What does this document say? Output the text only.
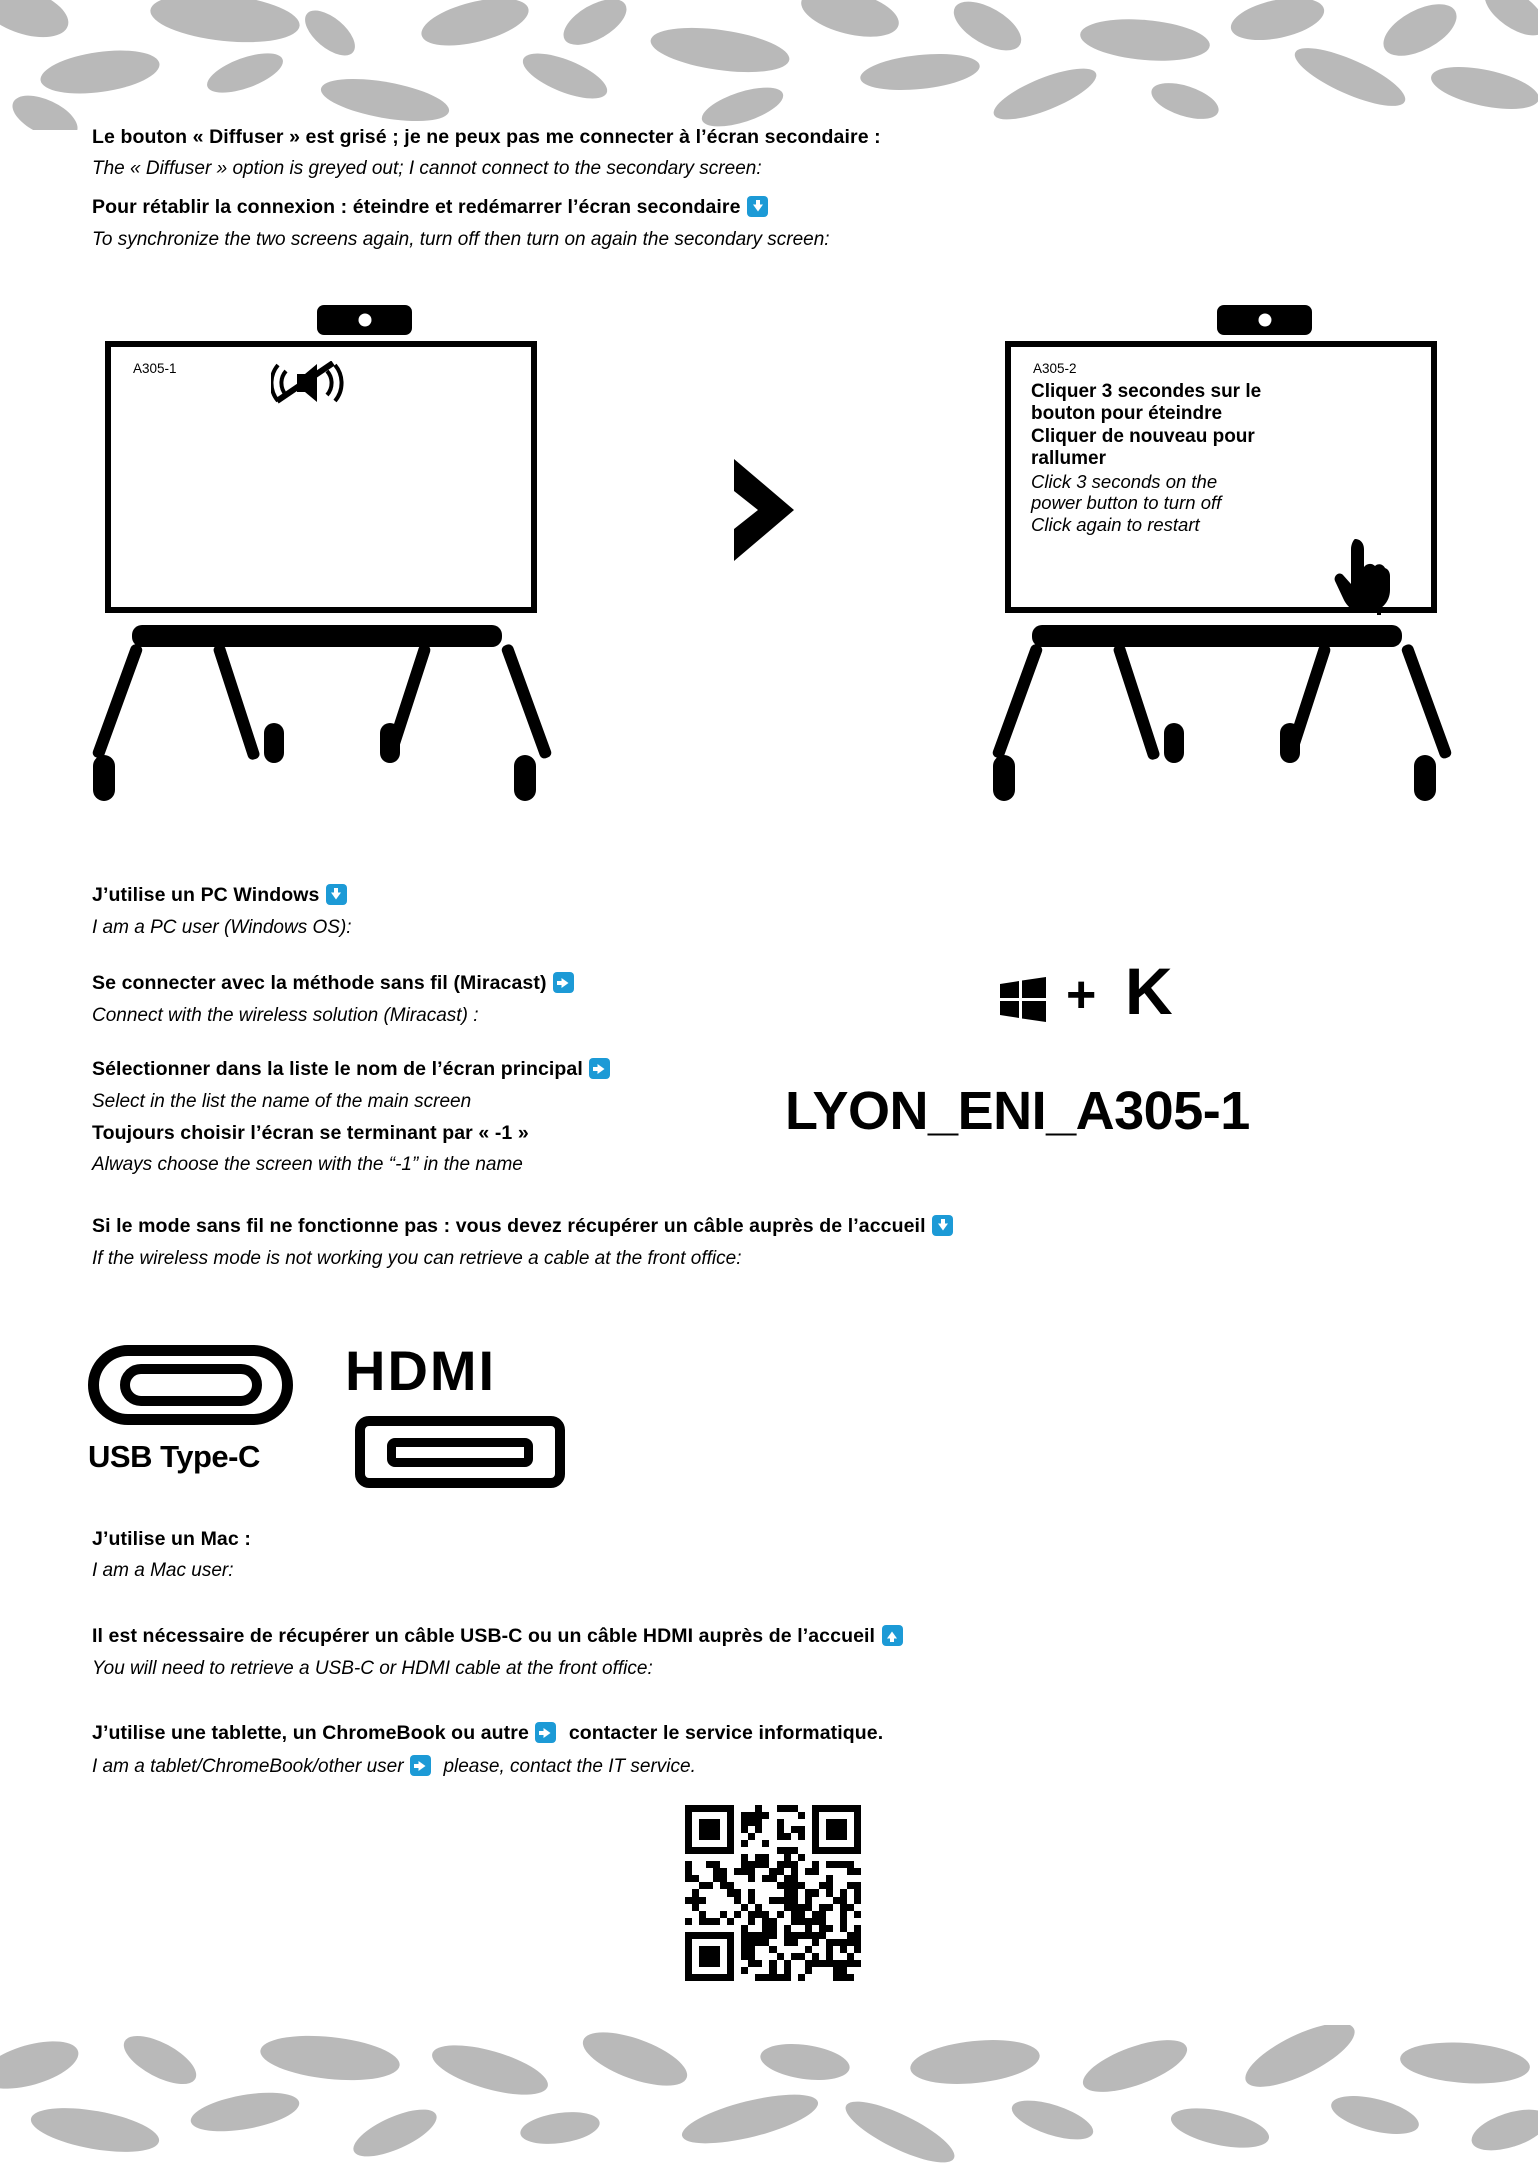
Le bouton « Diffuser » est grisé ; je ne peux pas me connecter à l’écran secondaire :
The « Diffuser » option is greyed out; I cannot connect to the secondary screen:
Pour rétablir la connexion : éteindre et redémarrer l’écran secondaire
To synchronize the two screens again, turn off then turn on again the secondary screen:
A305-1	A305-2
Cliquer 3 secondes sur le
bouton pour éteindre
Cliquer de nouveau pour
rallumer
Click 3 seconds on the
power button to turn off
Click again to restart
J’utilise un PC Windows
I am a PC user (Windows OS):
Se connecter avec la méthode sans fil (Miracast)
Connect with the wireless solution (Miracast) :
Sélectionner dans la liste le nom de l’écran principal
Select in the list the name of the main screen
Toujours choisir l’écran se terminant par « -1 »
Always choose the screen with the “-1” in the name
+ K
LYON_ENI_A305-1
Si le mode sans fil ne fonctionne pas : vous devez récupérer un câble auprès de l’accueil
If the wireless mode is not working you can retrieve a cable at the front office:
USB Type-C
HDMI
J’utilise un Mac :
I am a Mac user:
Il est nécessaire de récupérer un câble USB-C ou un câble HDMI auprès de l’accueil
You will need to retrieve a USB-C or HDMI cable at the front office:
J’utilise une tablette, un ChromeBook ou autre contacter le service informatique.
I am a tablet/ChromeBook/other user please, contact the IT service.
